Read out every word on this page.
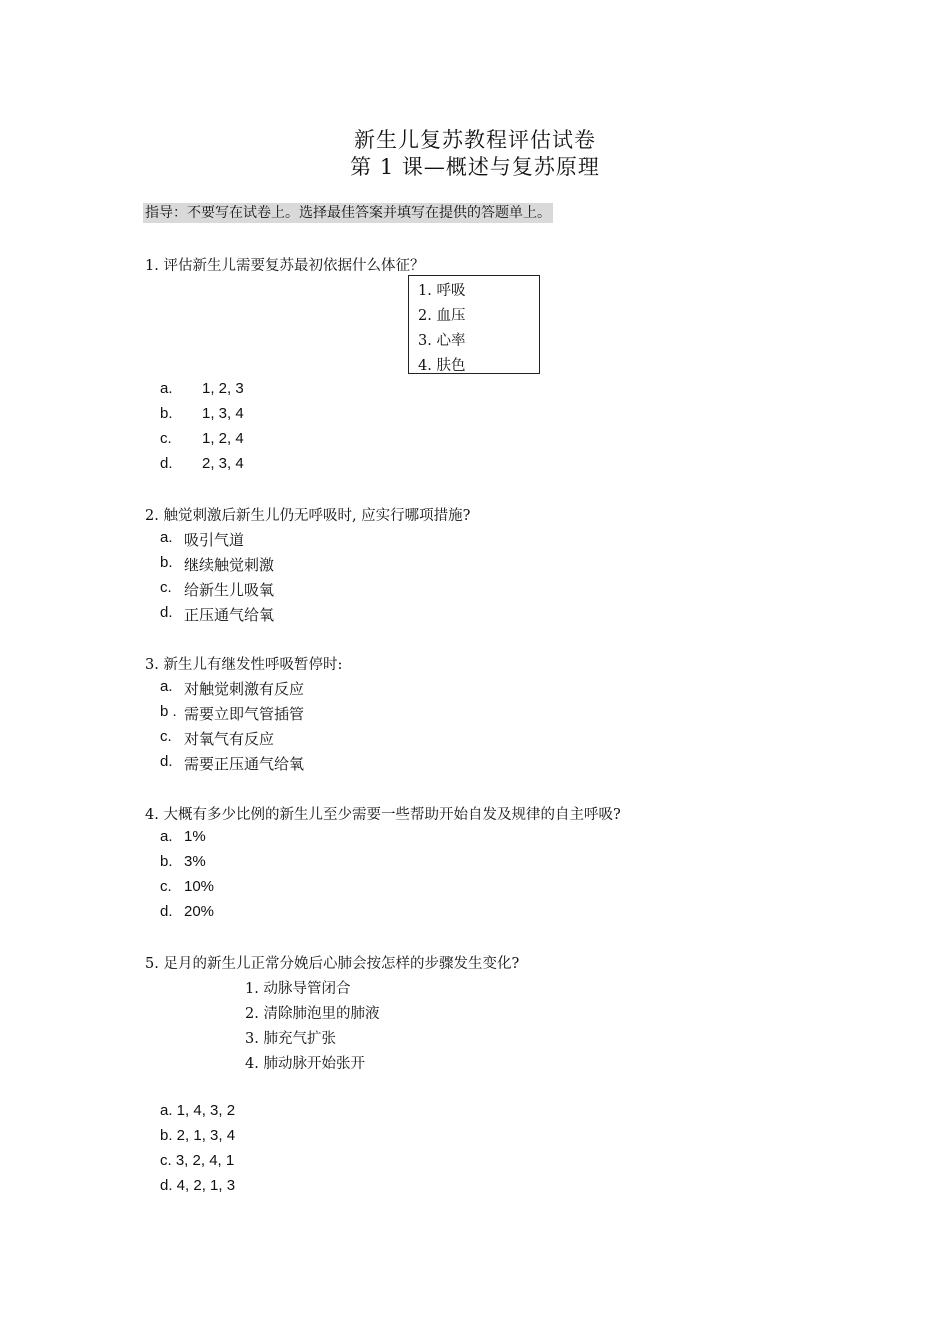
新生儿复苏教程评估试卷
第 1 课—概述与复苏原理
指导：不要写在试卷上。选择最佳答案并填写在提供的答题单上。
1. 评估新生儿需要复苏最初依据什么体征？
1. 呼吸
2. 血压
3. 心率
4. 肤色
a. 1, 2, 3
b. 1, 3, 4
c. 1, 2, 4
d. 2, 3, 4
2. 触觉刺激后新生儿仍无呼吸时, 应实行哪项措施?
a. 吸引气道
b. 继续触觉刺激
c. 给新生儿吸氧
d. 正压通气给氧
3. 新生儿有继发性呼吸暂停时:
a. 对触觉刺激有反应
b . 需要立即气管插管
c. 对氧气有反应
d. 需要正压通气给氧
4. 大概有多少比例的新生儿至少需要一些帮助开始自发及规律的自主呼吸?
a. 1%
b. 3%
c. 10%
d. 20%
5. 足月的新生儿正常分娩后心肺会按怎样的步骤发生变化?
1. 动脉导管闭合
2. 清除肺泡里的肺液
3. 肺充气扩张
4. 肺动脉开始张开
a. 1, 4, 3, 2
b. 2, 1, 3, 4
c. 3, 2, 4, 1
d. 4, 2, 1, 3
